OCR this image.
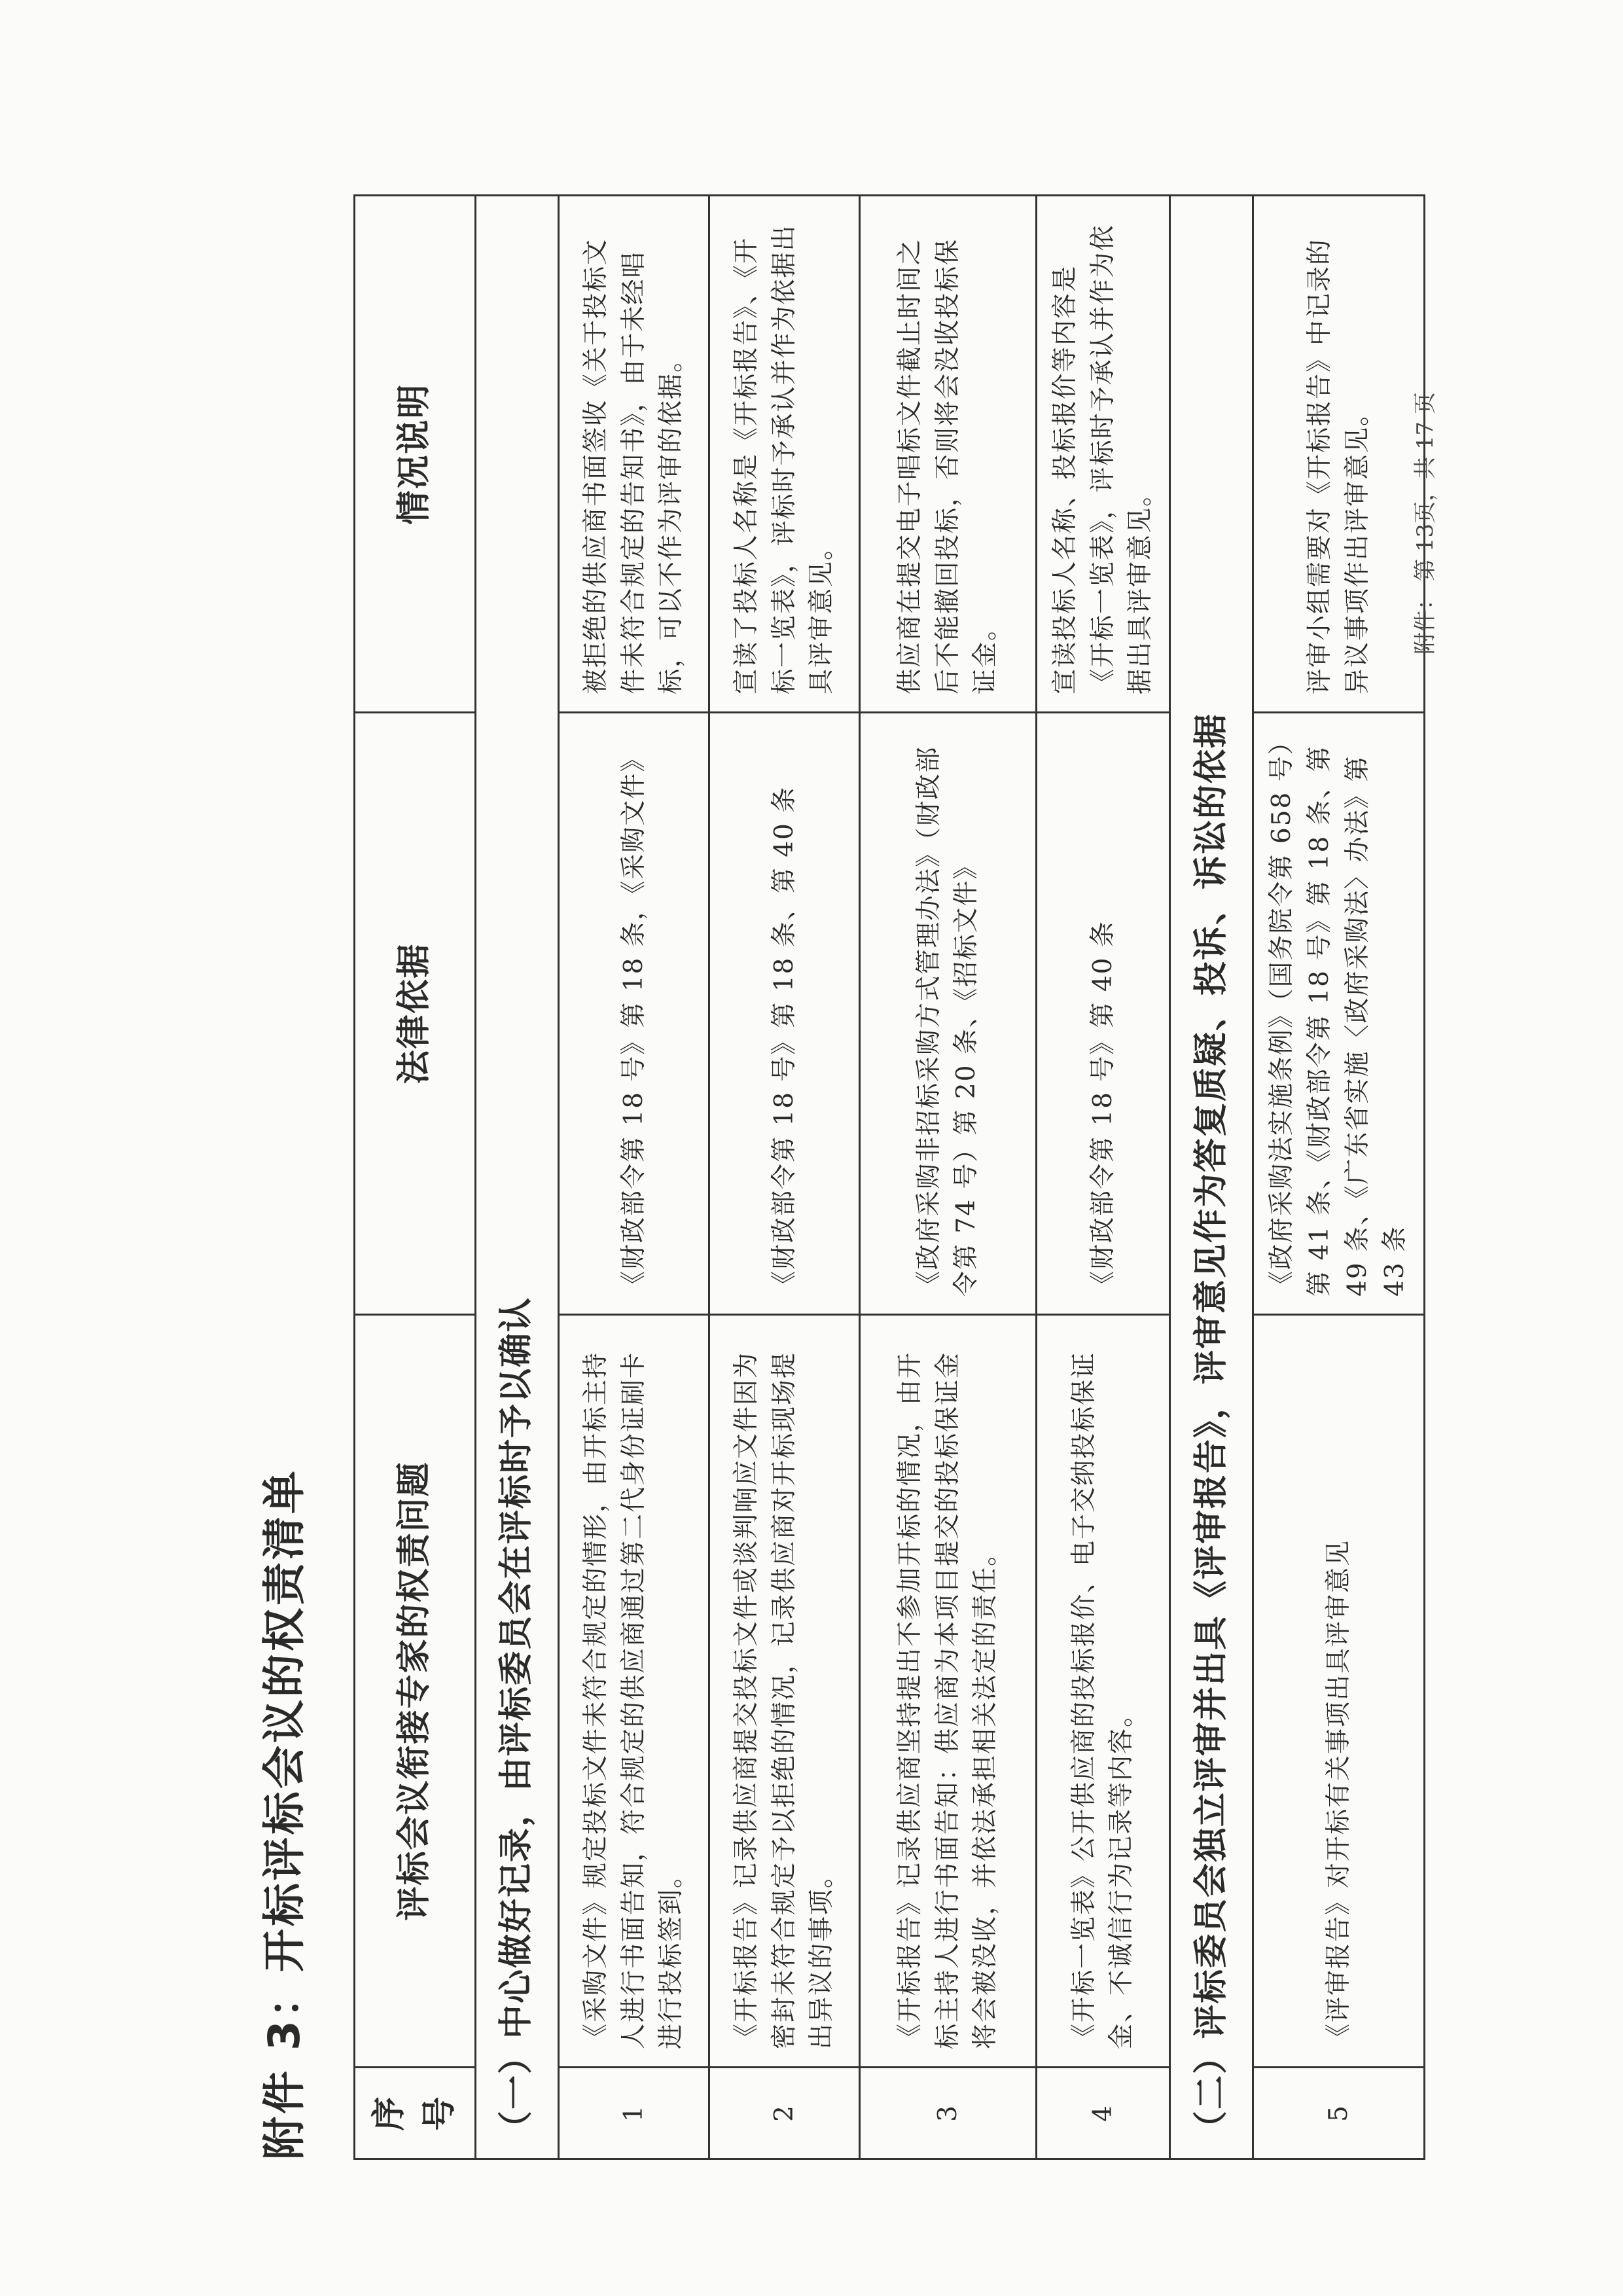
附件 3：开标评标会议的权责清单	序号	评标会议衔接专家的权责问题	法律依据	情况说明
（一）中心做好记录，由评标委员会在评标时予以确认			
1	《采购文件》规定投标文件未符合规定的情形，由开标主持人进行书面告知，符合规定的供应商通过第二代身份证刷卡进行投标签到。	《财政部令第 18 号》第 18 条，《采购文件》	被拒绝的供应商书面签收《关于投标文件未符合规定的告知书》，由于未经唱标，可以不作为评审的依据。
2	《开标报告》记录供应商提交投标文件或谈判响应文件因为密封未符合规定予以拒绝的情况，记录供应商对开标现场提出异议的事项。	《财政部令第 18 号》第 18 条、第 40 条	宣读了投标人名称是《开标报告》、《开标一览表》，评标时予承认并作为依据出具评审意见。
3	《开标报告》记录供应商坚持提出不参加开标的情况，由开标主持人进行书面告知：供应商为本项目提交的投标保证金将会被没收，并依法承担相关法定的责任。	《政府采购非招标采购方式管理办法》（财政部令第 74 号）第 20 条、《招标文件》	供应商在提交电子唱标文件截止时间之后不能撤回投标，否则将会没收投标保证金。
4	《开标一览表》公开供应商的投标报价、电子交纳投标保证金、不诚信行为记录等内容。	《财政部令第 18 号》第 40 条	宣读投标人名称、投标报价等内容是《开标一览表》，评标时予承认并作为依据出具评审意见。
（二）评标委员会独立评审并出具《评审报告》，评审意见作为答复质疑、投诉、诉讼的依据			
5	《评审报告》对开标有关事项出具评审意见	《政府采购法实施条例》（国务院令第 658 号）第 41 条、《财政部令第 18 号》第 18 条、第 49 条、《广东省实施〈政府采购法〉办法》第 43 条	评审小组需要对《开标报告》中记录的异议事项作出评审意见。 附件：第 13页，共 17 页
